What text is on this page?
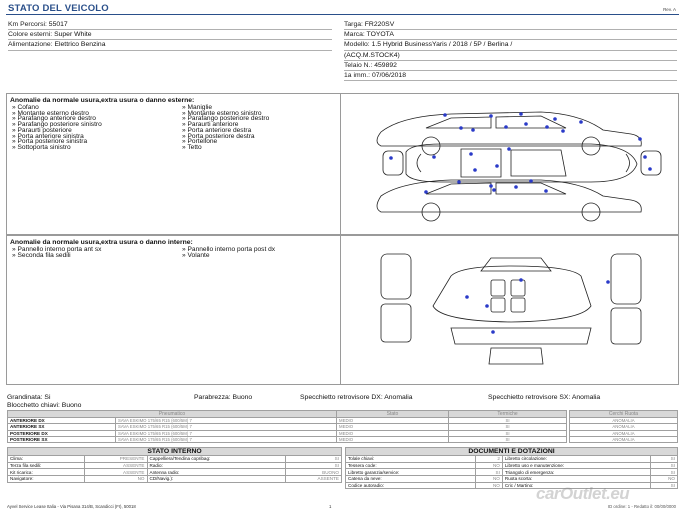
STATO DEL VEICOLO	Rev. A
Km Percorsi: 55017
Colore esterni: Super White
Alimentazione: Elettrico Benzina
Targa: FR220SV
Marca: TOYOTA
Modello: 1.5 Hybrid BusinessYaris / 2018 / 5P / Berlina /
(ACQ.M.STOCK4)
Telaio N.: 459892
1a imm.: 07/06/2018
Anomalie da normale usura,extra usura o danno esterne:
» Cofano
» Montante esterno destro
» Parafango anteriore destro
» Parafango posteriore sinistro
» Paraurti posteriore
» Porta anteriore sinistra
» Porta posteriore sinistra
» Sottoporta sinistro
» Maniglie
» Montante esterno sinistro
» Parafango posteriore destro
» Paraurti anteriore
» Porta anteriore destra
» Porta posteriore destra
» Portellone
» Tetto
Anomalie da normale usura,extra usura o danno interne:
» Pannello interno porta ant sx
» Seconda fila sedili
» Pannello interno porta post dx
» Volante
Grandinata: Si	Parabrezza: Buono	Specchietto retrovisore DX: Anomalia	Specchietto retrovisore SX: Anomalia
Blocchetto chiavi: Buono
Pneumatico		Stato	Termiche
ANTERIORE DX	SAVA ESKIMO 175/65 R15 (600/5M) 7	MEDIO	SI
ANTERIORE SX	SAVA ESKIMO 175/65 R15 (600/5M) 7	MEDIO	SI
POSTERIORE DX	SAVA ESKIMO 175/65 R15 (600/5M) 7	MEDIO	SI
POSTERIORE SX	SAVA ESKIMO 175/65 R15 (600/5M) 7	MEDIO	SI
Cerchi Ruota
ANOMALIA
ANOMALIA
ANOMALIA
ANOMALIA
STATO INTERNO			
Clima:	PRESENTE	Cappelliera/Tendina copribag:	SI
Terza fila sedili:	ASSENTE	Radio:	SI
Kit ricarica:	ASSENTE	Antenna radio:	BUONO
Navigatore:	NO	CD/Navig.):	ASSENTE
DOCUMENTI E DOTAZIONI			
Tolale chiavi:	2	Libretto circolazione:	SI
Tessera code:	NO	Libretto uso e manutenzione:	SI
Libretto garanzia/service:	SI	Triangolo di emergenza:	SI
Catena da neve:	NO	Ruota scorta:	NO
Codice autoradio:	NO	Cric / Martino:	SI
Ayvel Service Lease Italia - Via Pisana 314/B, Scandicci (FI), 50018	1	ID ordine: 1 - Redatto il: 00/00/0000
carOutlet.eu
